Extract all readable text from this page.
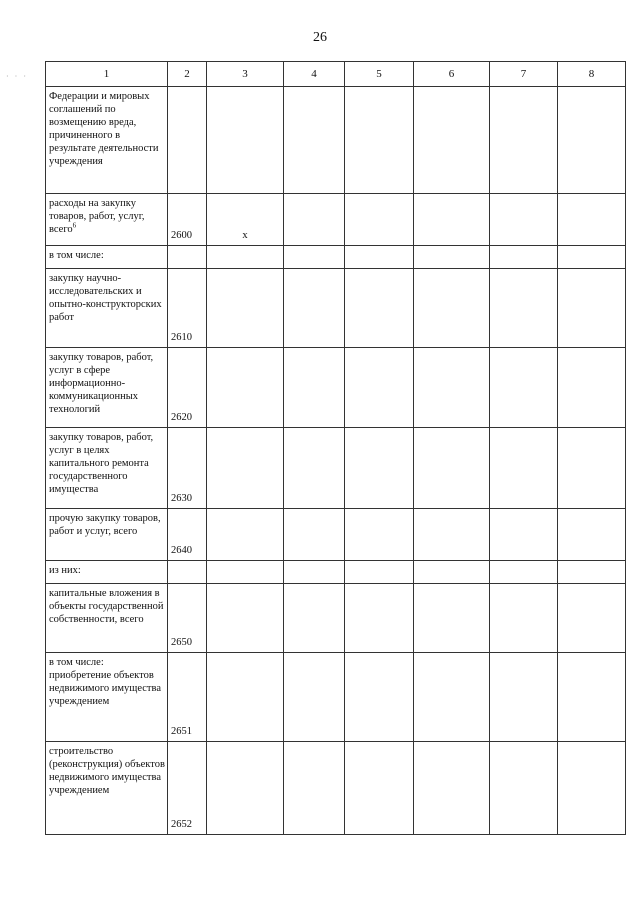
26
· · ·	1	2	3	4	5	6	7	8
Федерации и мировых соглашений по возмещению вреда, причиненного в результате деятельности учреждения							
расходы на закупку товаров, работ, услуг, всего$^6$	2600	х					
в том числе:							
закупку научно-исследовательских и опытно-конструкторских работ	2610						
закупку товаров, работ, услуг в сфере информационно-коммуникационных технологий	2620						
закупку товаров, работ, услуг в целях капитального ремонта государственного имущества	2630						
прочую закупку товаров, работ и услуг, всего	2640						
из них:							
капитальные вложения в объекты государственной собственности, всего	2650						
в том числе: приобретение объектов недвижимого имущества учреждением	2651						
строительство (реконструкция) объектов недвижимого имущества учреждением	2652						
